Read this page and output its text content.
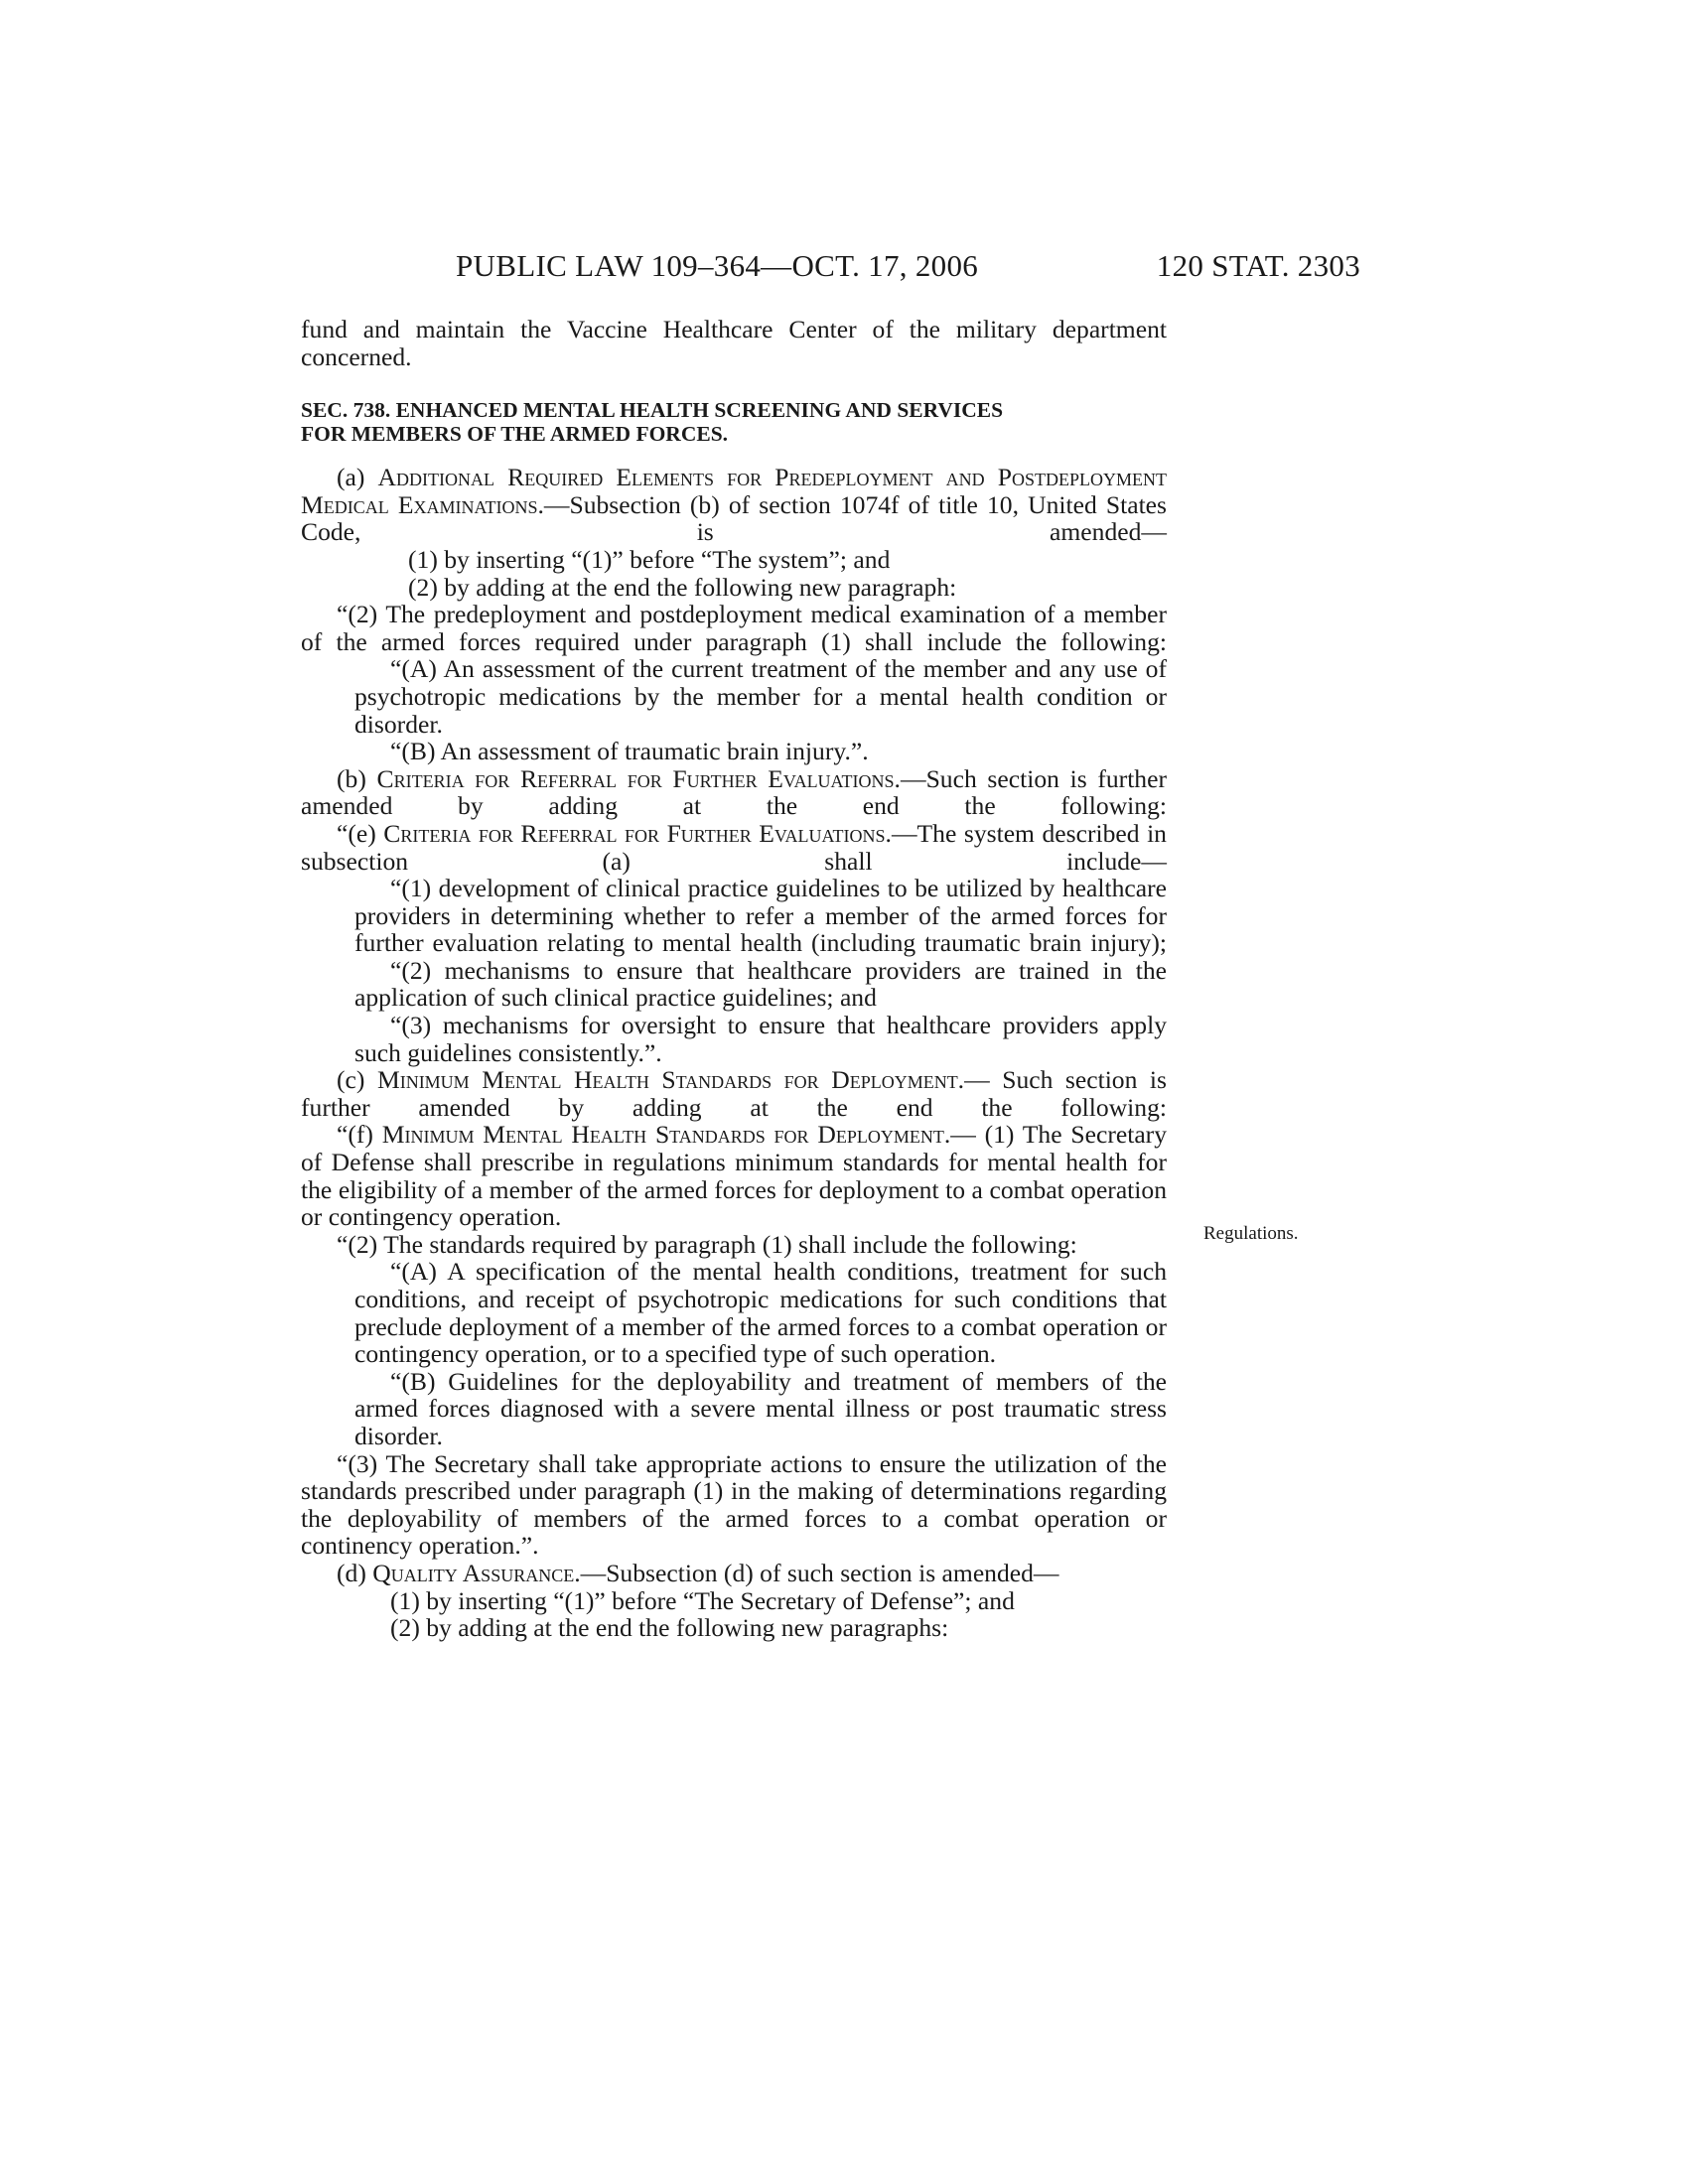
PUBLIC LAW 109–364—OCT. 17, 2006	120 STAT. 2303
Regulations.

fund and maintain the Vaccine Healthcare Center of the military department concerned.

SEC. 738. ENHANCED MENTAL HEALTH SCREENING AND SERVICES
FOR MEMBERS OF THE ARMED FORCES.

(a) Additional Required Elements for Predeployment and Postdeployment Medical Examinations.—Subsection (b) of section 1074f of title 10, United States Code, is amended—

(1) by inserting “(1)” before “The system”; and

(2) by adding at the end the following new paragraph:

“(2) The predeployment and postdeployment medical examination of a member of the armed forces required under paragraph (1) shall include the following:

“(A) An assessment of the current treatment of the member and any use of psychotropic medications by the member for a mental health condition or disorder.

“(B) An assessment of traumatic brain injury.”.

(b) Criteria for Referral for Further Evaluations.—Such section is further amended by adding at the end the following:

“(e) Criteria for Referral for Further Evaluations.—The system described in subsection (a) shall include—

“(1) development of clinical practice guidelines to be utilized by healthcare providers in determining whether to refer a member of the armed forces for further evaluation relating to mental health (including traumatic brain injury);

“(2) mechanisms to ensure that healthcare providers are trained in the application of such clinical practice guidelines; and

“(3) mechanisms for oversight to ensure that healthcare providers apply such guidelines consistently.”.

(c) Minimum Mental Health Standards for Deployment.— Such section is further amended by adding at the end the following:

“(f) Minimum Mental Health Standards for Deployment.— (1) The Secretary of Defense shall prescribe in regulations minimum standards for mental health for the eligibility of a member of the armed forces for deployment to a combat operation or contingency operation.

“(2) The standards required by paragraph (1) shall include the following:

“(A) A specification of the mental health conditions, treatment for such conditions, and receipt of psychotropic medications for such conditions that preclude deployment of a member of the armed forces to a combat operation or contingency operation, or to a specified type of such operation.

“(B) Guidelines for the deployability and treatment of members of the armed forces diagnosed with a severe mental illness or post traumatic stress disorder.

“(3) The Secretary shall take appropriate actions to ensure the utilization of the standards prescribed under paragraph (1) in the making of determinations regarding the deployability of members of the armed forces to a combat operation or continency operation.”.

(d) Quality Assurance.—Subsection (d) of such section is amended—

(1) by inserting “(1)” before “The Secretary of Defense”; and

(2) by adding at the end the following new paragraphs:
